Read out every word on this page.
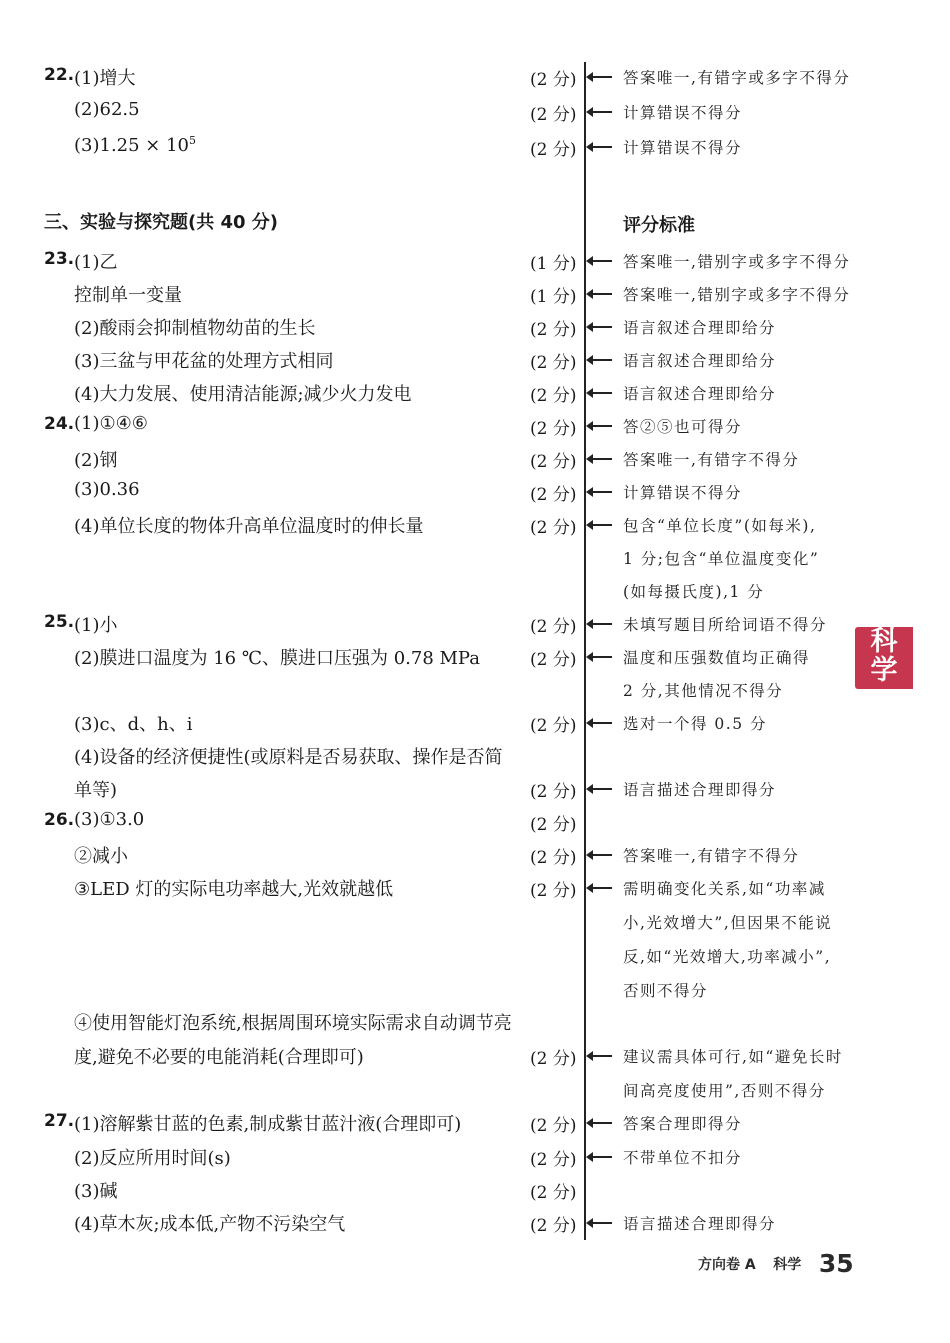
22. (1)增大	(2 分)	答案唯一,有错字或多字不得分
(2)62.5	(2 分)	计算错误不得分
$(3)1.25 \times 10^5$	(2 分)	计算错误不得分
三、实验与探究题(共 40 分)	评分标准
23. (1)乙	(1 分)	答案唯一,错别字或多字不得分
控制单一变量	(1 分)	答案唯一,错别字或多字不得分
(2)酸雨会抑制植物幼苗的生长	(2 分)	语言叙述合理即给分
(3)三盆与甲花盆的处理方式相同	(2 分)	语言叙述合理即给分
(4)大力发展、使用清洁能源;减少火力发电	(2 分)	语言叙述合理即给分
24. (1)①④⑥	(2 分)	答②⑤也可得分
(2)钢	(2 分)	答案唯一,有错字不得分
(3)0.36	(2 分)	计算错误不得分
(4)单位长度的物体升高单位温度时的伸长量	(2 分)	包含“单位长度”(如每米),
1 分;包含“单位温度变化”
(如每摄氏度),1 分
25. (1)小	(2 分)	未填写题目所给词语不得分
(2)膜进口温度为 16 ℃、膜进口压强为 0.78 MPa	(2 分)	温度和压强数值均正确得
2 分,其他情况不得分
(3)c、d、h、i	(2 分)	选对一个得 0.5 分
(4)设备的经济便捷性(或原料是否易获取、操作是否简
单等)	(2 分)	语言描述合理即得分
26. (3)①3.0	(2 分)
②减小	(2 分)	答案唯一,有错字不得分
③LED 灯的实际电功率越大,光效就越低	(2 分)	需明确变化关系,如“功率减
小,光效增大”,但因果不能说
反,如“光效增大,功率减小”,
否则不得分
④使用智能灯泡系统,根据周围环境实际需求自动调节亮
度,避免不必要的电能消耗(合理即可)	(2 分)	建议需具体可行,如“避免长时
间高亮度使用”,否则不得分
27. (1)溶解紫甘蓝的色素,制成紫甘蓝汁液(合理即可)	(2 分)	答案合理即得分
(2)反应所用时间(s)	(2 分)	不带单位不扣分
(3)碱	(2 分)
(4)草木灰;成本低,产物不污染空气	(2 分)	语言描述合理即得分
科
学
方向卷 A 科学 35
